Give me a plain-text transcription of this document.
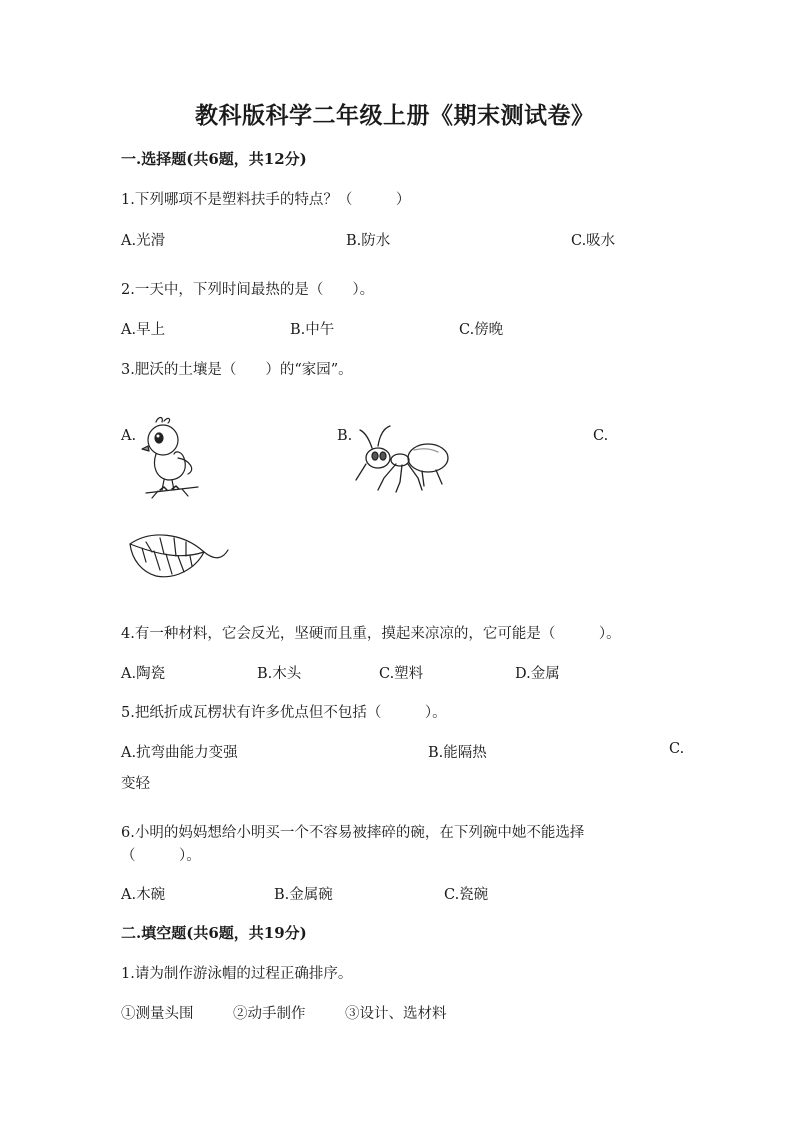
教科版科学二年级上册《期末测试卷》
一.选择题(共6题，共12分)
1.下列哪项不是塑料扶手的特点？（　　　）
A.光滑	B.防水	C.吸水
2.一天中，下列时间最热的是（　　）。
A.早上	B.中午	C.傍晚
3.肥沃的土壤是（　　）的“家园”。
A.	B.	C.
4.有一种材料，它会反光，坚硬而且重，摸起来凉凉的，它可能是（　　　）。
A.陶瓷	B.木头	C.塑料	D.金属
5.把纸折成瓦楞状有许多优点但不包括（　　　）。
A.抗弯曲能力变强	B.能隔热	C.
变轻
6.小明的妈妈想给小明买一个不容易被摔碎的碗，在下列碗中她不能选择
（　　　）。
A.木碗	B.金属碗	C.瓷碗
二.填空题(共6题，共19分)
1.请为制作游泳帽的过程正确排序。
①测量头围	②动手制作	③设计、选材料
